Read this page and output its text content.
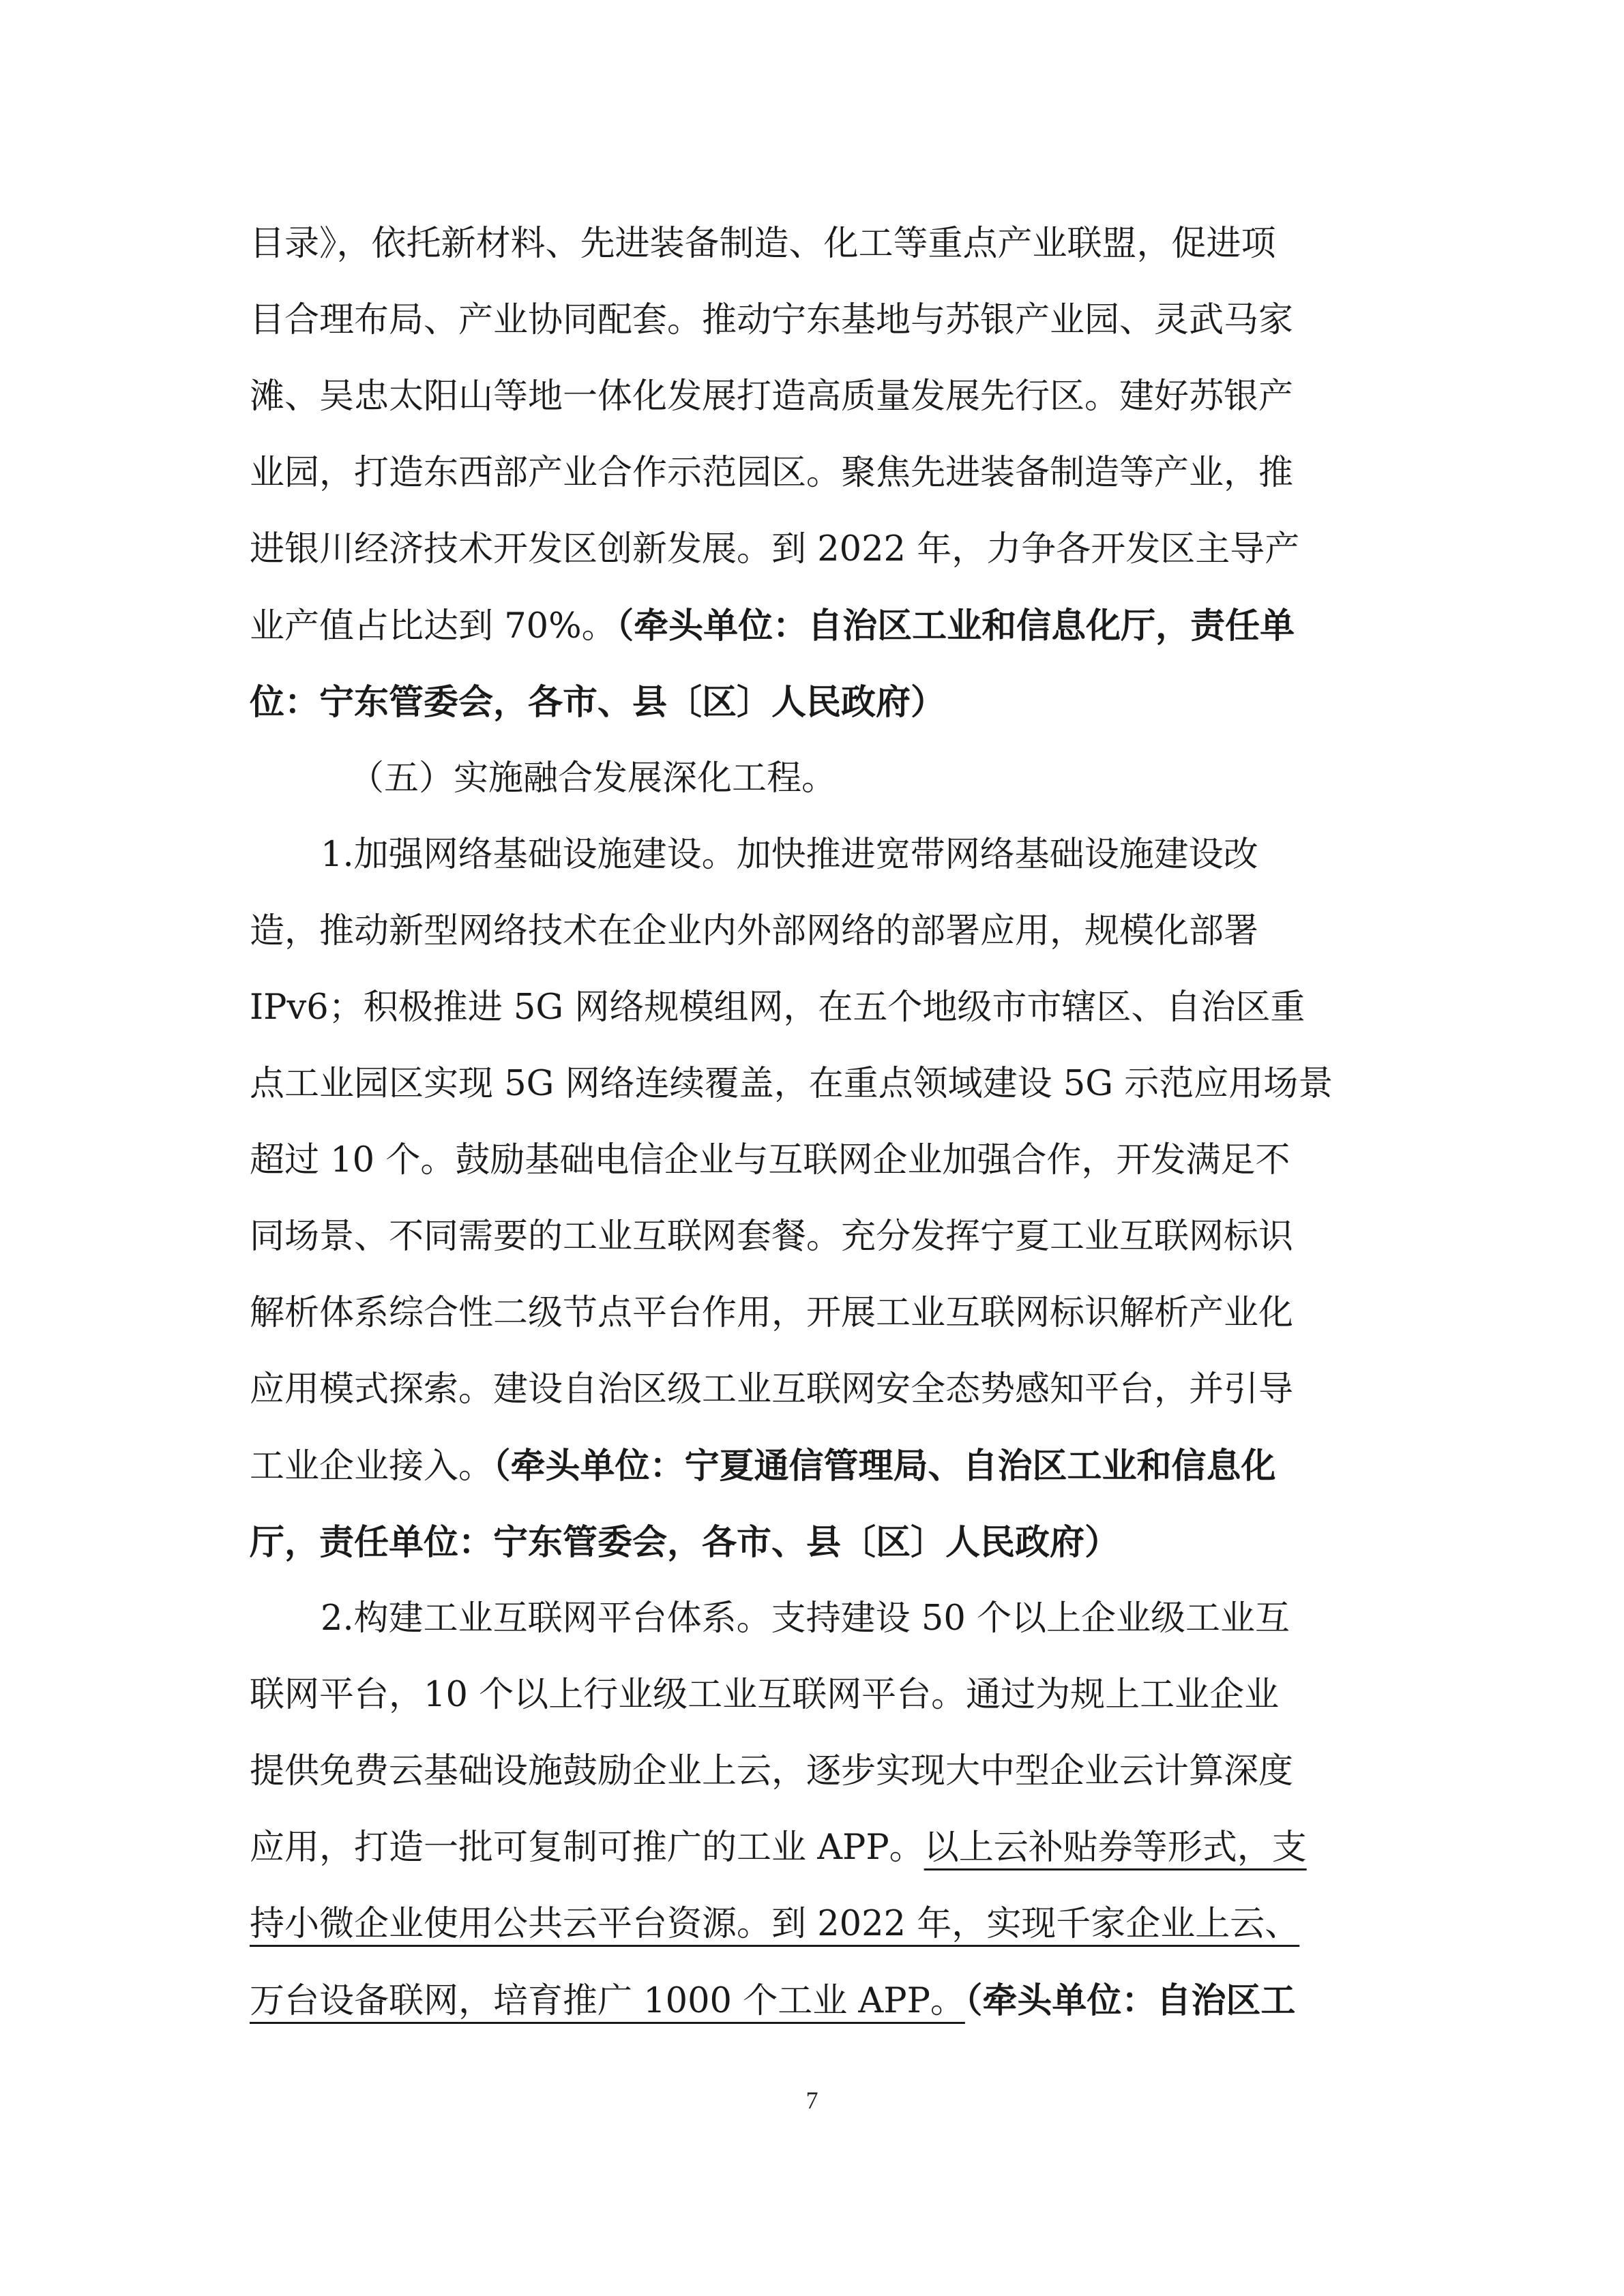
目录》，依托新材料、先进装备制造、化工等重点产业联盟，促进项
目合理布局、产业协同配套。推动宁东基地与苏银产业园、灵武马家
滩、吴忠太阳山等地一体化发展打造高质量发展先行区。建好苏银产
业园，打造东西部产业合作示范园区。聚焦先进装备制造等产业，推
进银川经济技术开发区创新发展。到 2022 年，力争各开发区主导产
业产值占比达到 70%。（牵头单位：自治区工业和信息化厅，责任单
位：宁东管委会，各市、县〔区〕人民政府）
（五）实施融合发展深化工程。
1.加强网络基础设施建设。加快推进宽带网络基础设施建设改
造，推动新型网络技术在企业内外部网络的部署应用，规模化部署
IPv6；积极推进 5G 网络规模组网，在五个地级市市辖区、自治区重
点工业园区实现 5G 网络连续覆盖，在重点领域建设 5G 示范应用场景
超过 10 个。鼓励基础电信企业与互联网企业加强合作，开发满足不
同场景、不同需要的工业互联网套餐。充分发挥宁夏工业互联网标识
解析体系综合性二级节点平台作用，开展工业互联网标识解析产业化
应用模式探索。建设自治区级工业互联网安全态势感知平台，并引导
工业企业接入。（牵头单位：宁夏通信管理局、自治区工业和信息化
厅，责任单位：宁东管委会，各市、县〔区〕人民政府）
2.构建工业互联网平台体系。支持建设 50 个以上企业级工业互
联网平台，10 个以上行业级工业互联网平台。通过为规上工业企业
提供免费云基础设施鼓励企业上云，逐步实现大中型企业云计算深度
应用，打造一批可复制可推广的工业 APP。以上云补贴券等形式，支
持小微企业使用公共云平台资源。到 2022 年，实现千家企业上云、
万台设备联网，培育推广 1000 个工业 APP。（牵头单位：自治区工
7
